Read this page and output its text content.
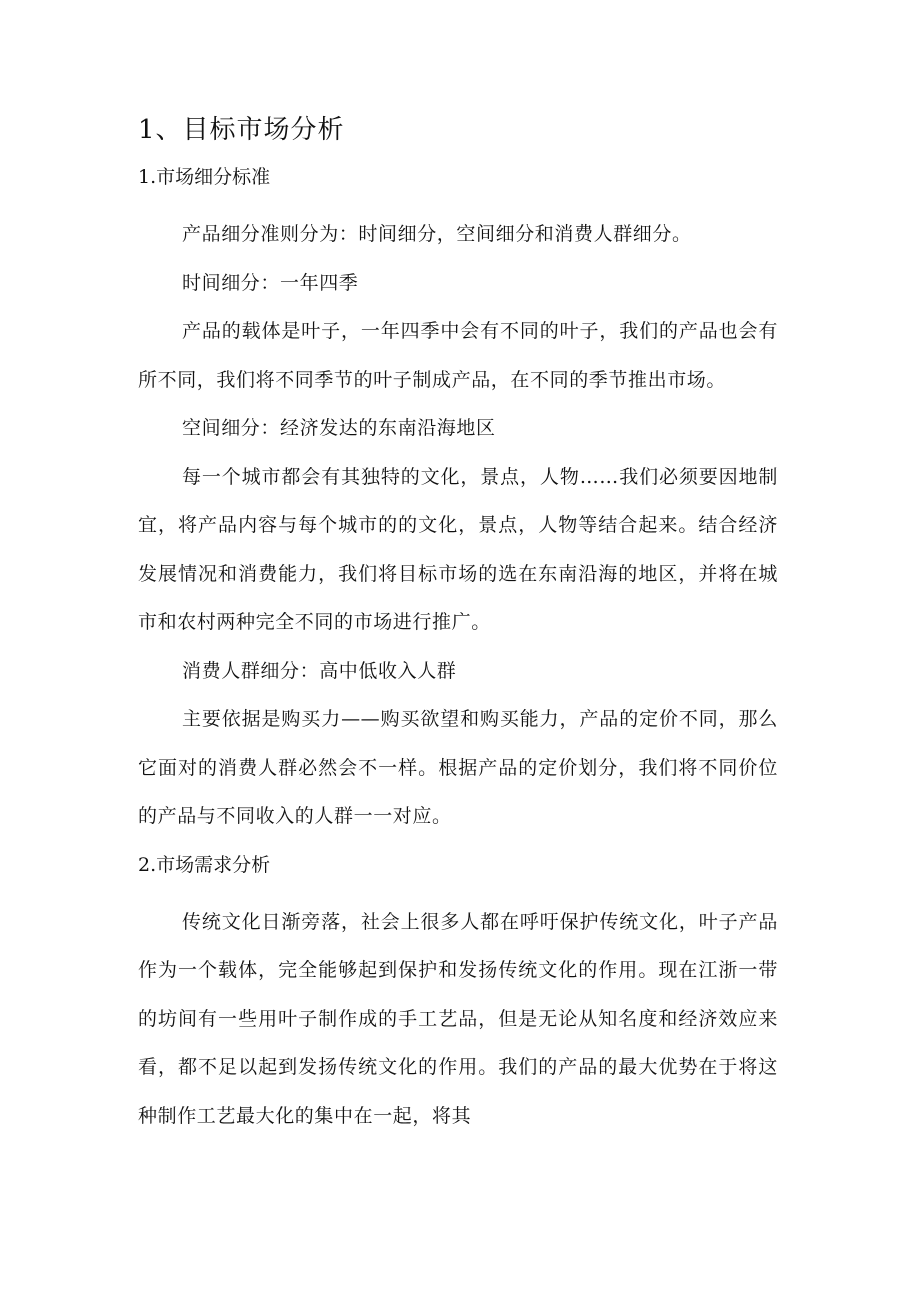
1、目标市场分析
1.市场细分标准

产品细分准则分为：时间细分，空间细分和消费人群细分。

时间细分：一年四季

产品的载体是叶子，一年四季中会有不同的叶子，我们的产品也会有所不同，我们将不同季节的叶子制成产品，在不同的季节推出市场。

空间细分：经济发达的东南沿海地区

每一个城市都会有其独特的文化，景点，人物……我们必须要因地制宜，将产品内容与每个城市的的文化，景点，人物等结合起来。结合经济发展情况和消费能力，我们将目标市场的选在东南沿海的地区，并将在城市和农村两种完全不同的市场进行推广。

消费人群细分：高中低收入人群

主要依据是购买力——购买欲望和购买能力，产品的定价不同，那么它面对的消费人群必然会不一样。根据产品的定价划分，我们将不同价位的产品与不同收入的人群一一对应。

2.市场需求分析

传统文化日渐旁落，社会上很多人都在呼吁保护传统文化，叶子产品作为一个载体，完全能够起到保护和发扬传统文化的作用。现在江浙一带的坊间有一些用叶子制作成的手工艺品，但是无论从知名度和经济效应来看，都不足以起到发扬传统文化的作用。我们的产品的最大优势在于将这种制作工艺最大化的集中在一起，将其
